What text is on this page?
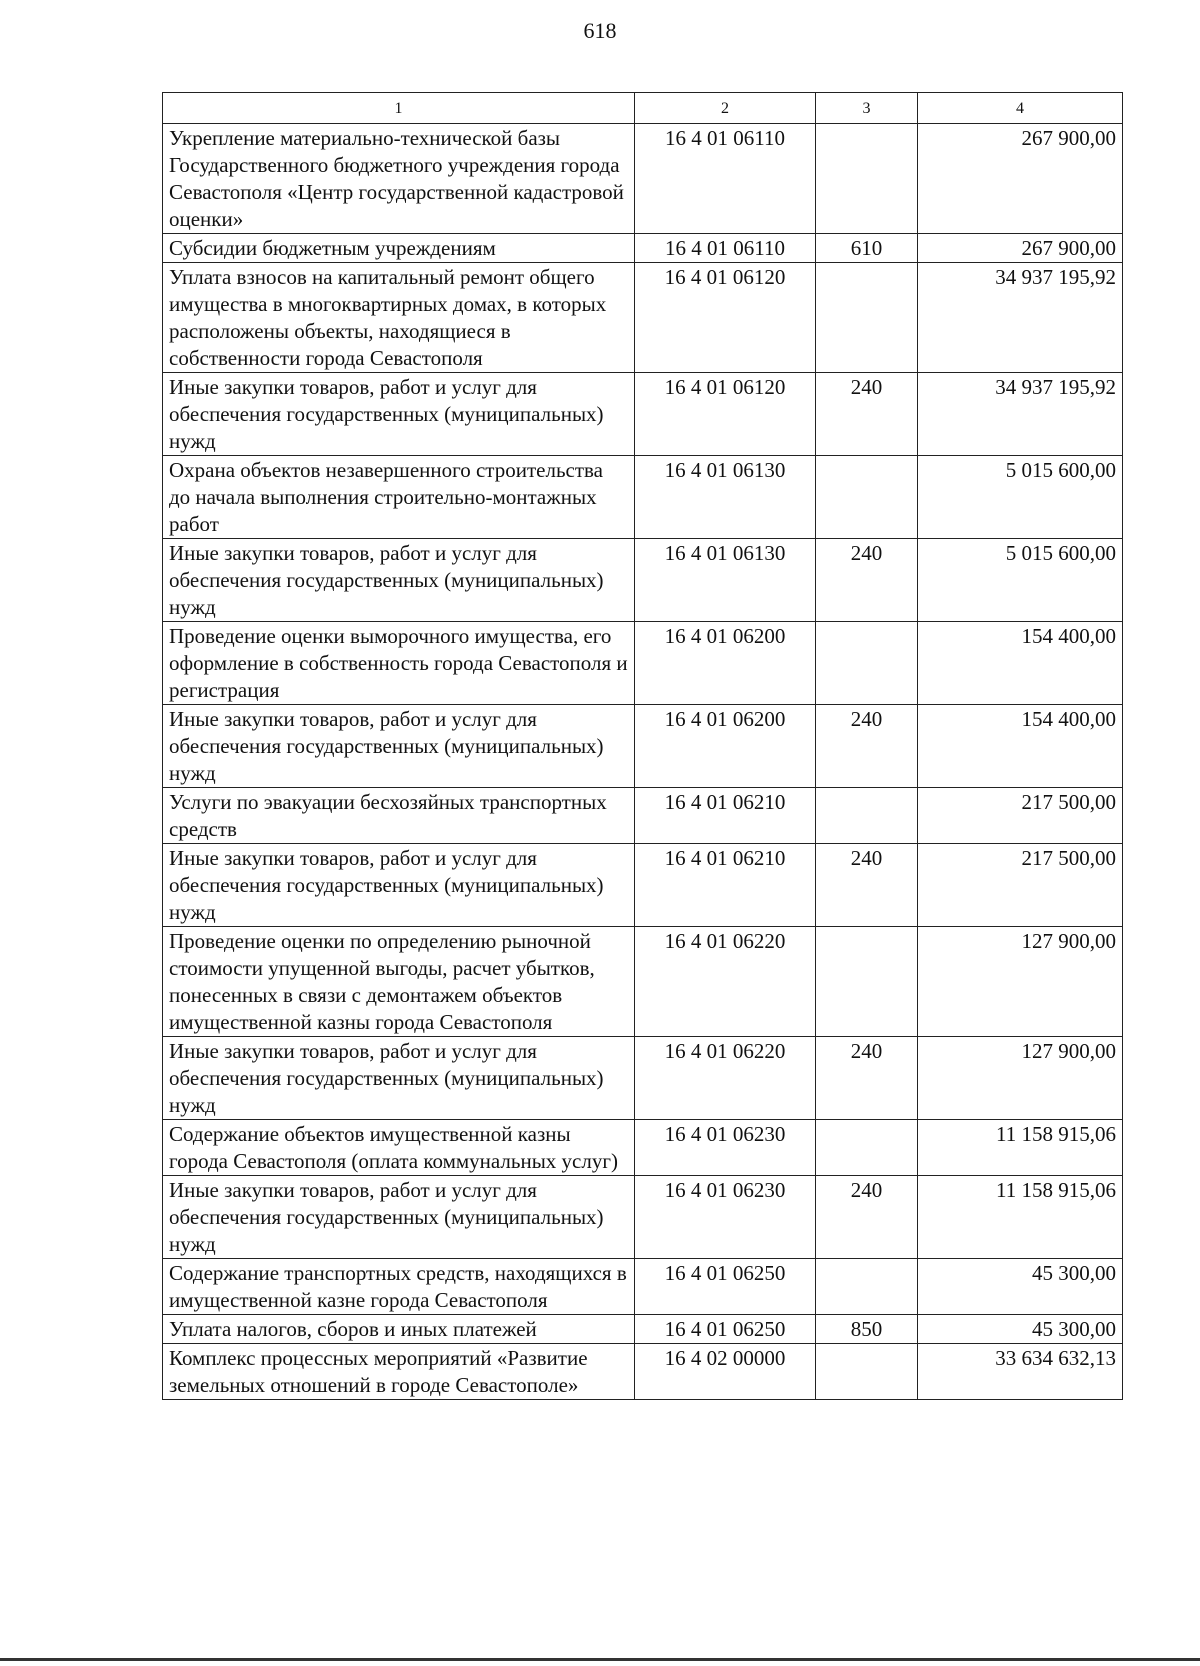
618
1	2	3	4
Укрепление материально-технической базы Государственного бюджетного учреждения города Севастополя «Центр государственной кадастровой оценки»	16 4 01 06110		267 900,00
Субсидии бюджетным учреждениям	16 4 01 06110	610	267 900,00
Уплата взносов на капитальный ремонт общего имущества в многоквартирных домах, в которых расположены объекты, находящиеся в собственности города Севастополя	16 4 01 06120		34 937 195,92
Иные закупки товаров, работ и услуг для обеспечения государственных (муниципальных) нужд	16 4 01 06120	240	34 937 195,92
Охрана объектов незавершенного строительства до начала выполнения строительно-монтажных работ	16 4 01 06130		5 015 600,00
Иные закупки товаров, работ и услуг для обеспечения государственных (муниципальных) нужд	16 4 01 06130	240	5 015 600,00
Проведение оценки выморочного имущества, его оформление в собственность города Севастополя и регистрация	16 4 01 06200		154 400,00
Иные закупки товаров, работ и услуг для обеспечения государственных (муниципальных) нужд	16 4 01 06200	240	154 400,00
Услуги по эвакуации бесхозяйных транспортных средств	16 4 01 06210		217 500,00
Иные закупки товаров, работ и услуг для обеспечения государственных (муниципальных) нужд	16 4 01 06210	240	217 500,00
Проведение оценки по определению рыночной стоимости упущенной выгоды, расчет убытков, понесенных в связи с демонтажем объектов имущественной казны города Севастополя	16 4 01 06220		127 900,00
Иные закупки товаров, работ и услуг для обеспечения государственных (муниципальных) нужд	16 4 01 06220	240	127 900,00
Содержание объектов имущественной казны города Севастополя (оплата коммунальных услуг)	16 4 01 06230		11 158 915,06
Иные закупки товаров, работ и услуг для обеспечения государственных (муниципальных) нужд	16 4 01 06230	240	11 158 915,06
Содержание транспортных средств, находящихся в имущественной казне города Севастополя	16 4 01 06250		45 300,00
Уплата налогов, сборов и иных платежей	16 4 01 06250	850	45 300,00
Комплекс процессных мероприятий «Развитие земельных отношений в городе Севастополе»	16 4 02 00000		33 634 632,13
